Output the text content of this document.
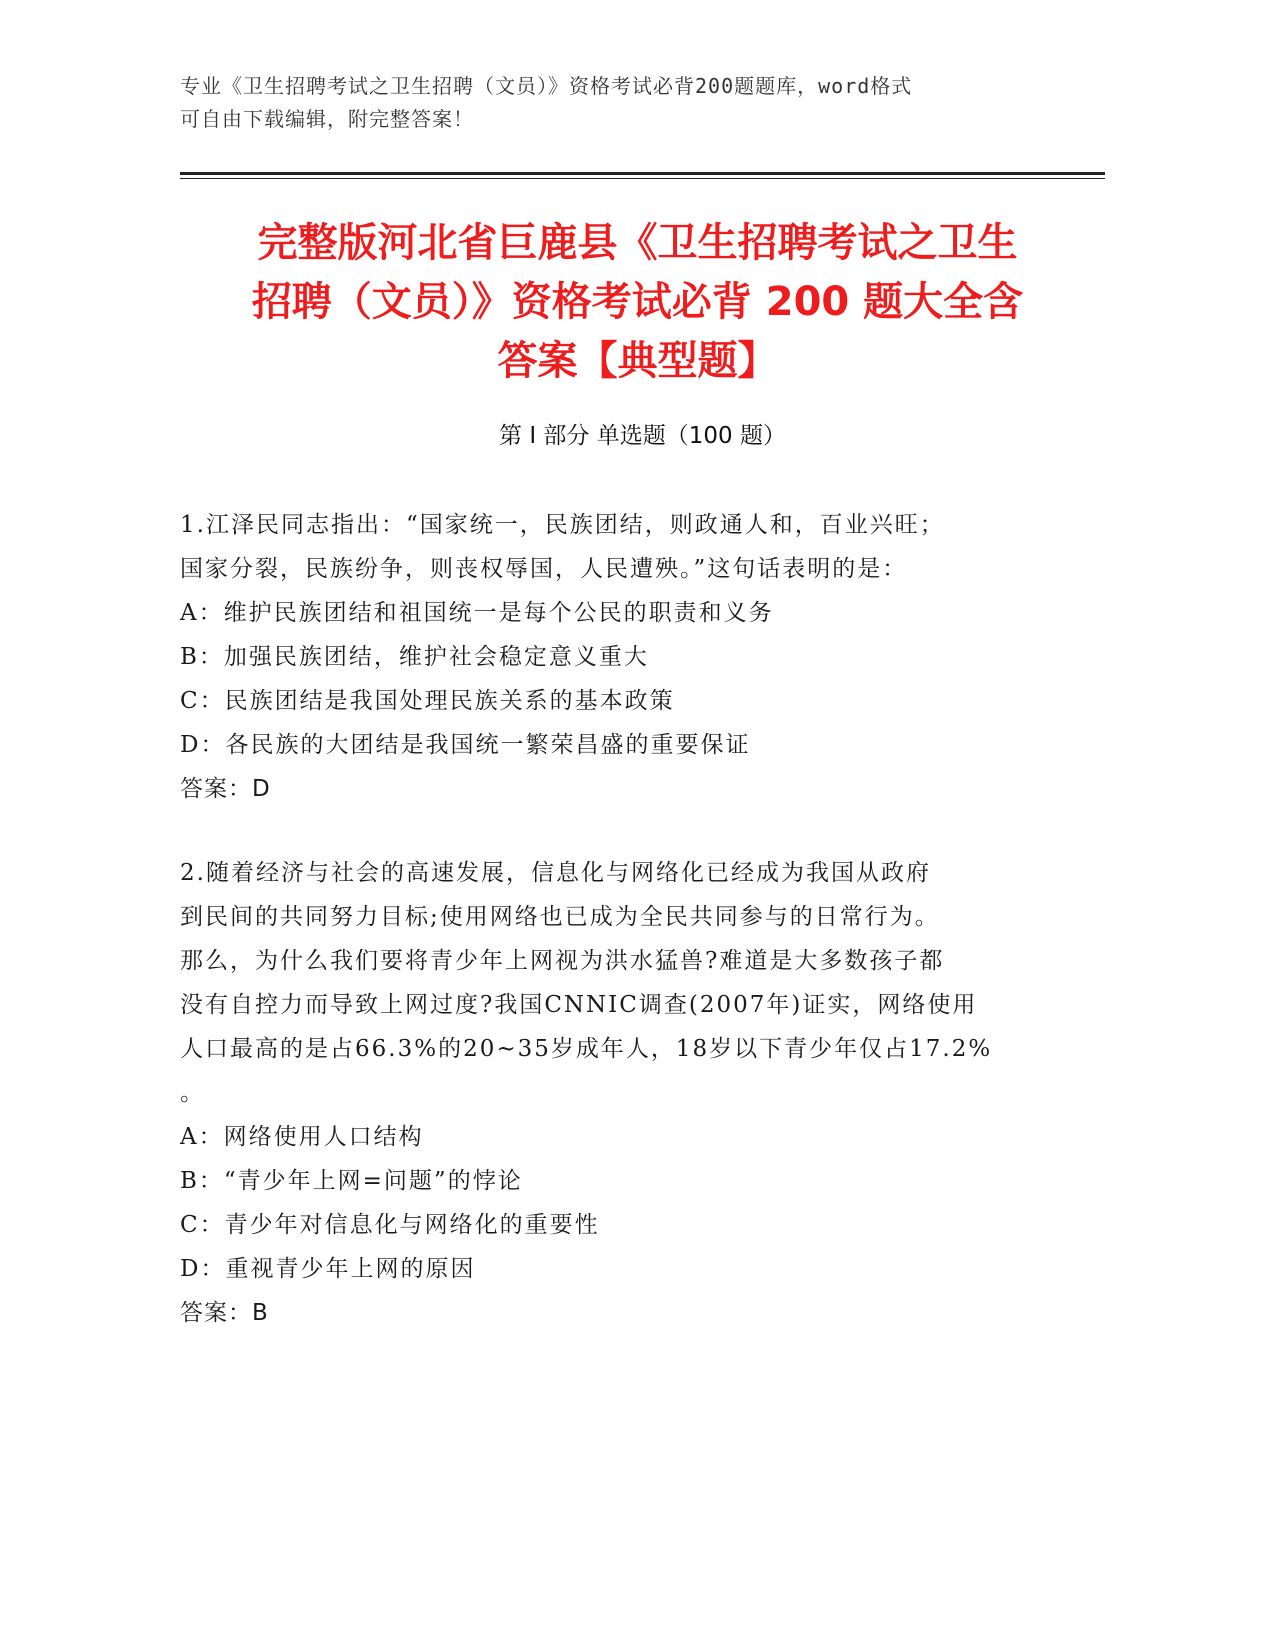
专业《卫生招聘考试之卫生招聘（文员）》资格考试必背200题题库，word格式
可自由下载编辑，附完整答案！
完整版河北省巨鹿县《卫生招聘考试之卫生
招聘（文员）》资格考试必背 200 题大全含
答案【典型题】
第 I 部分 单选题（100 题）

1.江泽民同志指出：“国家统一，民族团结，则政通人和，百业兴旺；

国家分裂，民族纷争，则丧权辱国，人民遭殃。”这句话表明的是：

A：维护民族团结和祖国统一是每个公民的职责和义务

B：加强民族团结，维护社会稳定意义重大

C：民族团结是我国处理民族关系的基本政策

D：各民族的大团结是我国统一繁荣昌盛的重要保证

答案：D

2.随着经济与社会的高速发展，信息化与网络化已经成为我国从政府

到民间的共同努力目标;使用网络也已成为全民共同参与的日常行为。

那么，为什么我们要将青少年上网视为洪水猛兽?难道是大多数孩子都

没有自控力而导致上网过度?我国CNNIC调查(2007年)证实，网络使用

人口最高的是占66.3%的20~35岁成年人，18岁以下青少年仅占17.2%

。

A：网络使用人口结构

B：“青少年上网=问题”的悖论

C：青少年对信息化与网络化的重要性

D：重视青少年上网的原因

答案：B
